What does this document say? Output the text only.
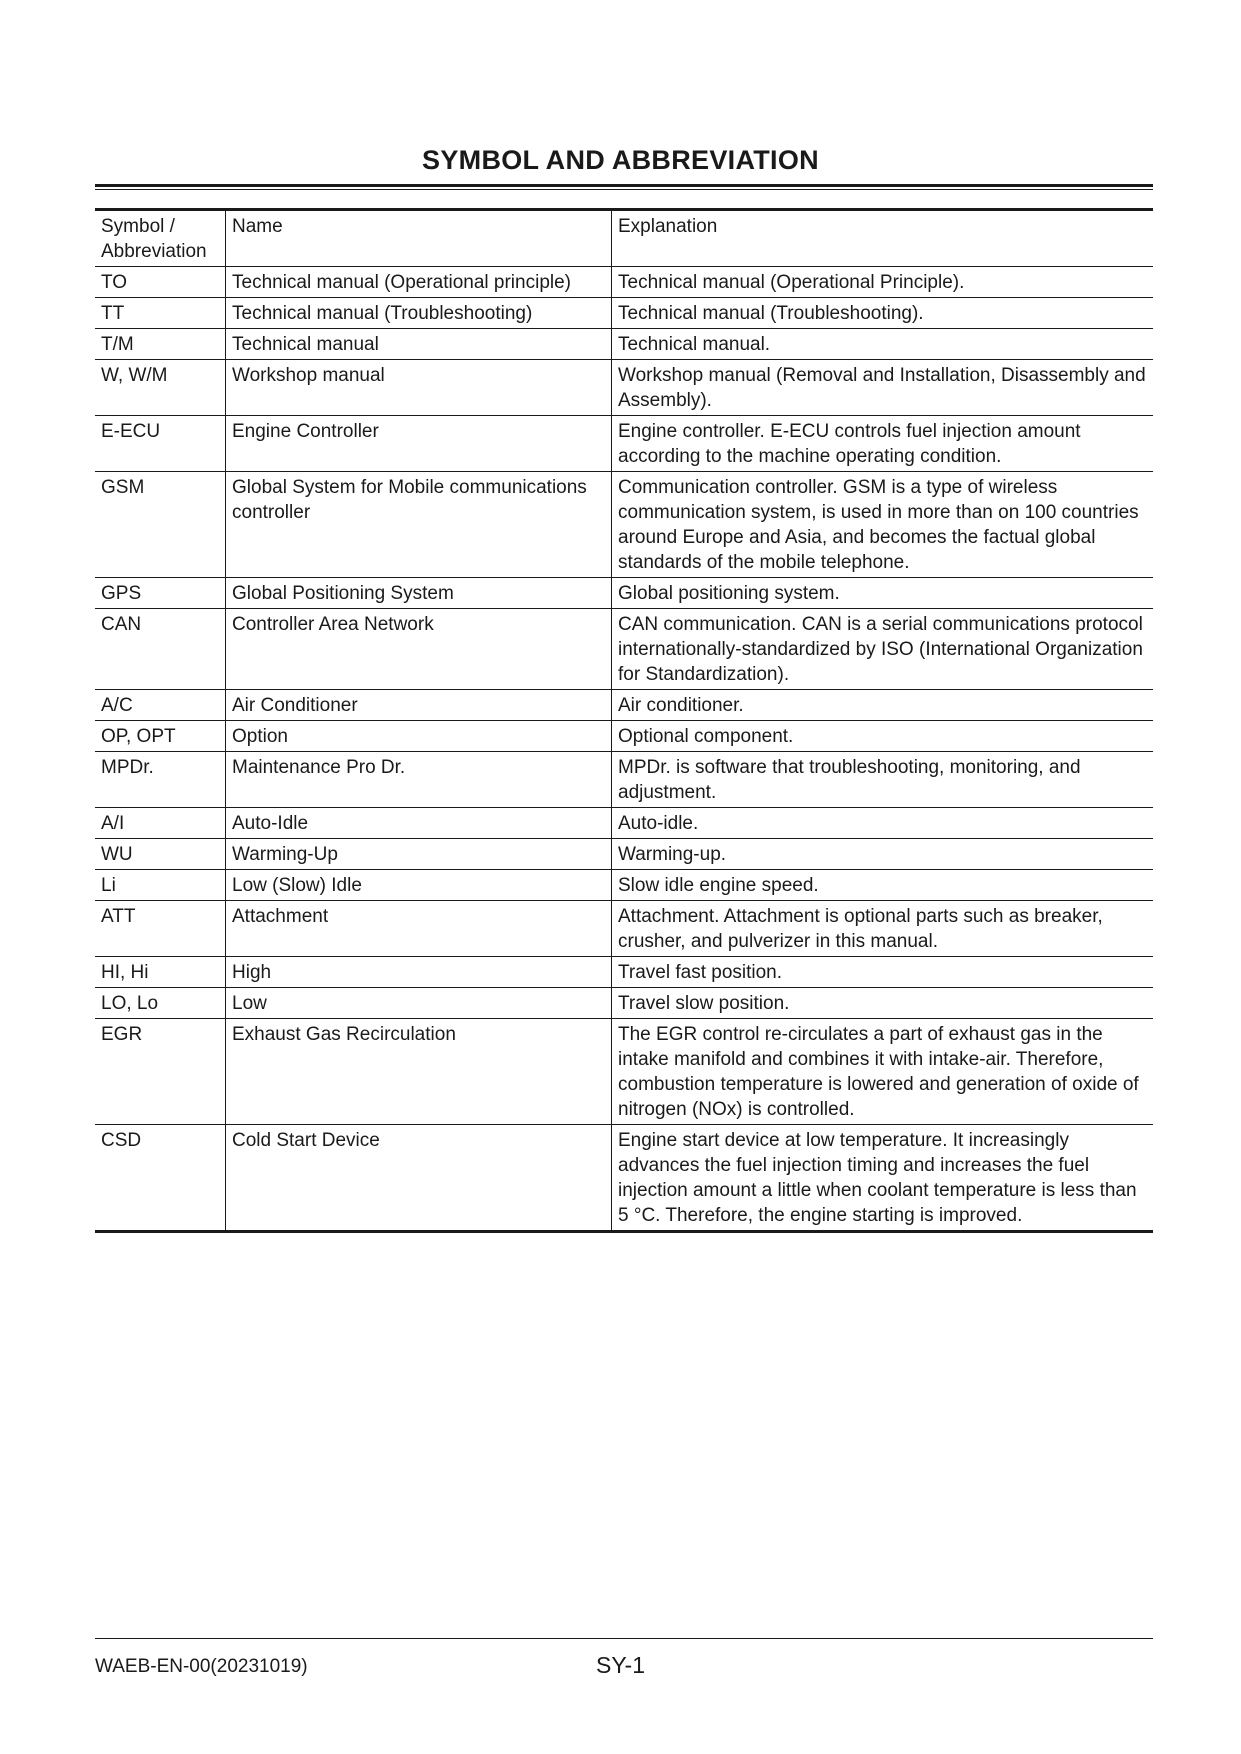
SYMBOL AND ABBREVIATION
Symbol / Abbreviation	Name	Explanation
TO	Technical manual (Operational principle)	Technical manual (Operational Principle).
TT	Technical manual (Troubleshooting)	Technical manual (Troubleshooting).
T/M	Technical manual	Technical manual.
W, W/M	Workshop manual	Workshop manual (Removal and Installation, Disassembly and Assembly).
E-ECU	Engine Controller	Engine controller. E-ECU controls fuel injection amount according to the machine operating condition.
GSM	Global System for Mobile communications controller	Communication controller. GSM is a type of wireless communication system, is used in more than on 100 countries around Europe and Asia, and becomes the factual global standards of the mobile telephone.
GPS	Global Positioning System	Global positioning system.
CAN	Controller Area Network	CAN communication. CAN is a serial communications protocol internationally-standardized by ISO (International Organization for Standardization).
A/C	Air Conditioner	Air conditioner.
OP, OPT	Option	Optional component.
MPDr.	Maintenance Pro Dr.	MPDr. is software that troubleshooting, monitoring, and adjustment.
A/I	Auto-Idle	Auto-idle.
WU	Warming-Up	Warming-up.
Li	Low (Slow) Idle	Slow idle engine speed.
ATT	Attachment	Attachment. Attachment is optional parts such as breaker, crusher, and pulverizer in this manual.
HI, Hi	High	Travel fast position.
LO, Lo	Low	Travel slow position.
EGR	Exhaust Gas Recirculation	The EGR control re-circulates a part of exhaust gas in the intake manifold and combines it with intake-air. Therefore, combustion temperature is lowered and generation of oxide of nitrogen (NOx) is controlled.
CSD	Cold Start Device	Engine start device at low temperature. It increasingly advances the fuel injection timing and increases the fuel injection amount a little when coolant temperature is less than 5 °C. Therefore, the engine starting is improved.
WAEB-EN-00(20231019)	SY-1
